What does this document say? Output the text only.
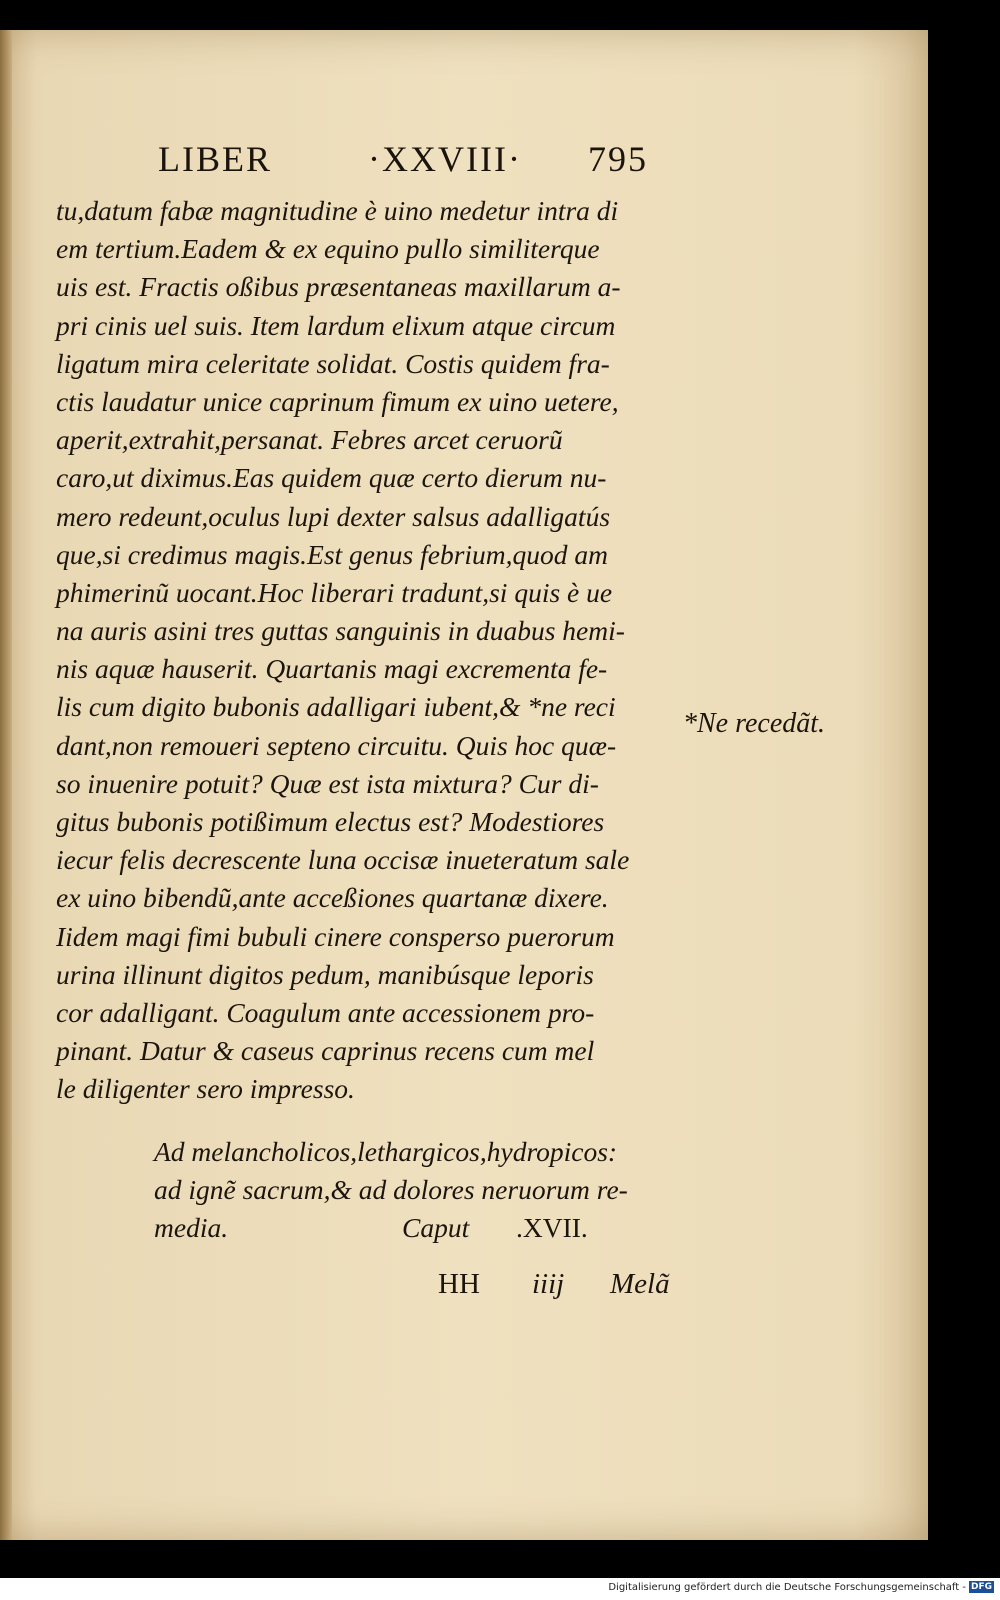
LIBER	·XXVIII· 795
tu,datum fabæ magnitudine è uino medetur intra di
em tertium.Eadem & ex equino pullo similiterque
uis est. Fractis oßibus præsentaneas maxillarum a-
pri cinis uel suis. Item lardum elixum atque circum
ligatum mira celeritate solidat. Costis quidem fra-
ctis laudatur unice caprinum fimum ex uino uetere,
aperit,extrahit,persanat. Febres arcet ceruorũ
caro,ut diximus.Eas quidem quæ certo dierum nu-
mero redeunt,oculus lupi dexter salsus adalligatús
que,si credimus magis.Est genus febrium,quod am
phimerinũ uocant.Hoc liberari tradunt,si quis è ue
na auris asini tres guttas sanguinis in duabus hemi-
nis aquæ hauserit. Quartanis magi excrementa fe-
lis cum digito bubonis adalligari iubent,& *ne reci
dant,non remoueri septeno circuitu. Quis hoc quæ-
so inuenire potuit? Quæ est ista mixtura? Cur di-
gitus bubonis potißimum electus est? Modestiores
iecur felis decrescente luna occisæ inueteratum sale
ex uino bibendũ,ante acceßiones quartanæ dixere.
Iidem magi fimi bubuli cinere consperso puerorum
urina illinunt digitos pedum, manibúsque leporis
cor adalligant. Coagulum ante accessionem pro-
pinant. Datur & caseus caprinus recens cum mel
le diligenter sero impresso.
Ad melancholicos,lethargicos,hydropicos:
ad ignẽ sacrum,& ad dolores neruorum re-
media.	Caput .XVII.
*Ne recedãt.
HH iiij Melã
Digitalisierung gefördert durch die Deutsche Forschungsgemeinschaft - DFG
